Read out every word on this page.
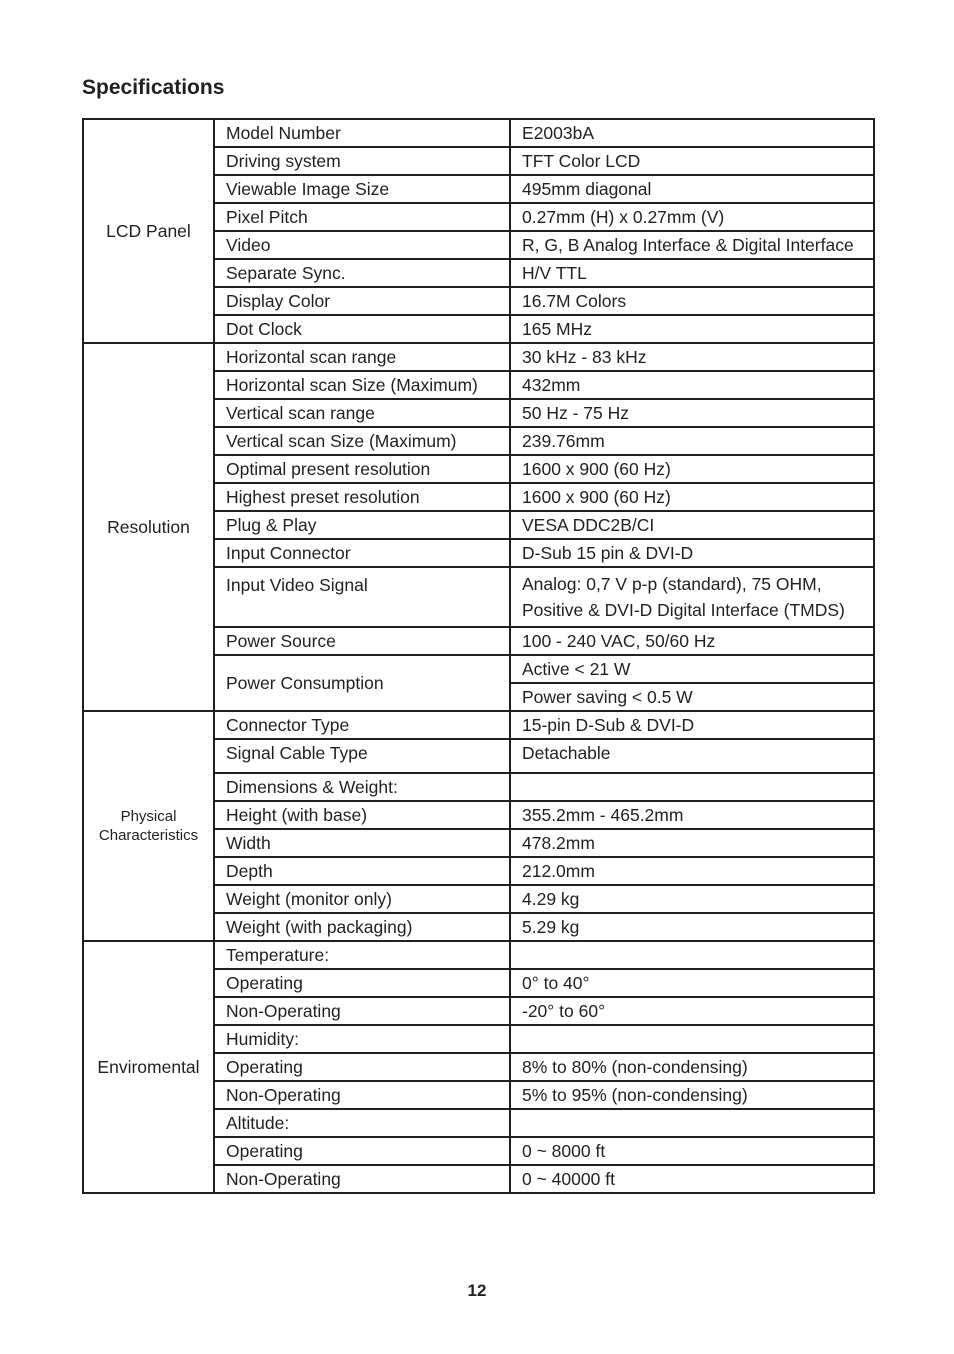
Specifications
LCD Panel	Model Number	E2003bA
	Driving system	TFT Color LCD
	Viewable Image Size	495mm diagonal
	Pixel Pitch	0.27mm (H) x 0.27mm (V)
	Video	R, G, B Analog Interface & Digital Interface
	Separate Sync.	H/V TTL
	Display Color	16.7M Colors
	Dot Clock	165 MHz
Resolution	Horizontal scan range	30 kHz - 83 kHz
	Horizontal scan Size (Maximum)	432mm
	Vertical scan range	50 Hz - 75 Hz
	Vertical scan Size (Maximum)	239.76mm
	Optimal present resolution	1600 x 900 (60 Hz)
	Highest preset resolution	1600 x 900 (60 Hz)
	Plug & Play	VESA DDC2B/CI
	Input Connector	D-Sub 15 pin & DVI-D
	Input Video Signal	Analog: 0,7 V p-p (standard), 75 OHM,
Positive & DVI-D Digital Interface (TMDS)
	Power Source	100 - 240 VAC, 50/60 Hz
	Power Consumption	Active < 21 W
		Power saving < 0.5 W
Physical Characteristics	Connector Type	15-pin D-Sub & DVI-D
	Signal Cable Type	Detachable
	Dimensions & Weight:	
	Height (with base)	355.2mm - 465.2mm
	Width	478.2mm
	Depth	212.0mm
	Weight (monitor only)	4.29 kg
	Weight (with packaging)	5.29 kg
Enviromental	Temperature:	
	Operating	0° to 40°
	Non-Operating	-20° to 60°
	Humidity:	
	Operating	8% to 80% (non-condensing)
	Non-Operating	5% to 95% (non-condensing)
	Altitude:	
	Operating	0 ~ 8000 ft
	Non-Operating	0 ~ 40000 ft
12
